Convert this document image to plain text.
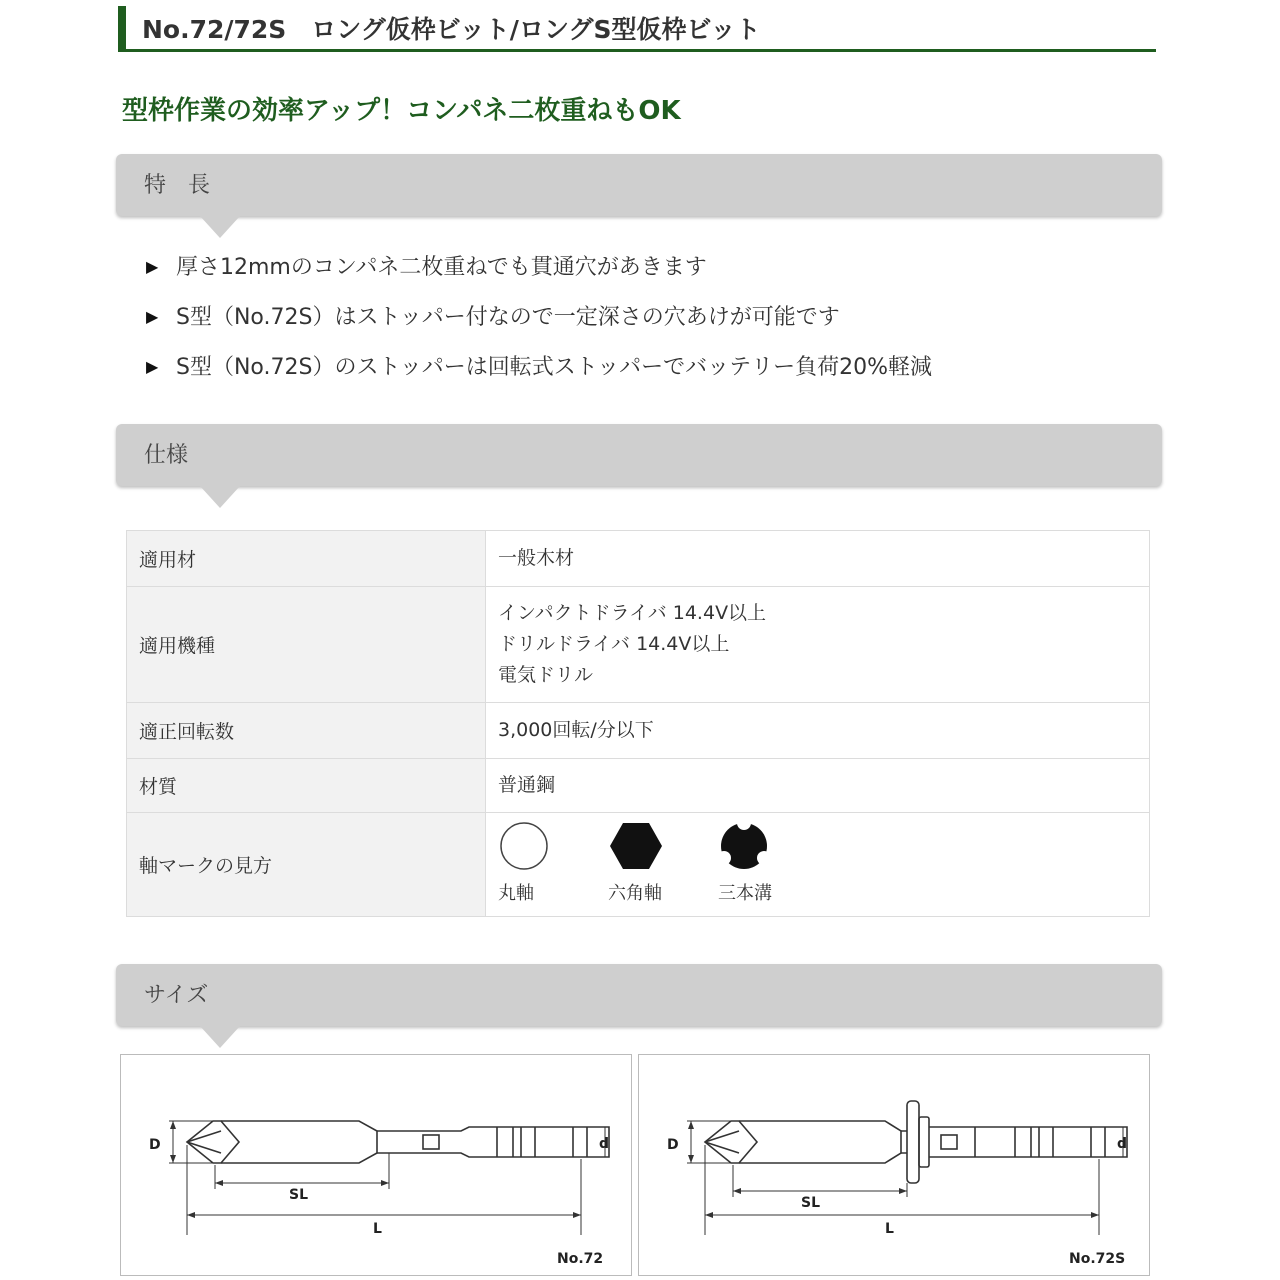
No.72/72S　ロング仮枠ビット/ロングS型仮枠ビット
型枠作業の効率アップ！コンパネ二枚重ねもOK
特　長
▶ 厚さ12mmのコンパネ二枚重ねでも貫通穴があきます
▶ S型（No.72S）はストッパー付なので一定深さの穴あけが可能です
▶ S型（No.72S）のストッパーは回転式ストッパーでバッテリー負荷20%軽減
仕様
適用材	一般木材

適用機種	インパクトドライバ 14.4V以上
ドリルドライバ 14.4V以上
電気ドリル

適正回転数	3,000回転/分以下

材質	普通鋼

軸マークの見方	丸軸 六角軸 三本溝
サイズ
D	d
SL
L
No.72
D	d
SL
L
No.72S
